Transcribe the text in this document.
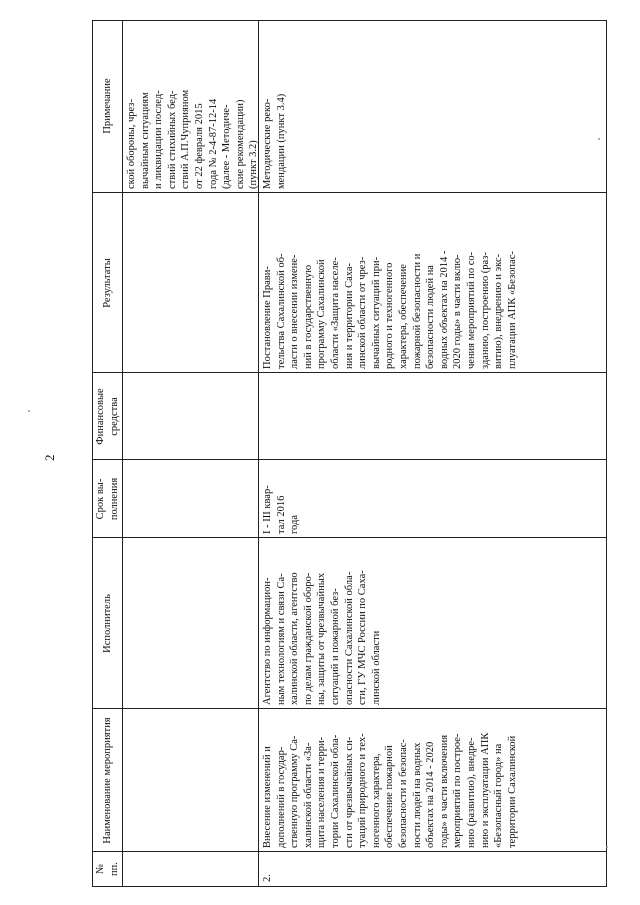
2
№
пп.
Наименование мероприятия
Исполнитель
Срок вы-
полнения
Финансовые
средства
Результаты
Примечание
ской обороны, чрез-
вычайным ситуациям
и ликвидации послед-
ствий стихийных бед-
ствий А.П.Чуприяном
от 22 февраля 2015
года № 2-4-87-12-14
(далее - Методиче-
ские рекомендации)
(пункт 3.2)
2.
Внесение изменений и
дополнений в государ-
ственную программу Са-
халинской области «За-
щита населения и терри-
тории Сахалинской обла-
сти от чрезвычайных си-
туаций природного и тех-
ногенного характера,
обеспечение пожарной
безопасности и безопас-
ности людей на водных
объектах на 2014 - 2020
годы» в части включения
мероприятий по построе-
нию (развитию), внедре-
нию и эксплуатации АПК
«Безопасный город» на
территории Сахалинской
Агентство по информацион-
ным технологиям и связи Са-
халинской области, агентство
по делам гражданской оборо-
ны, защиты от чрезвычайных
ситуаций и пожарной без-
опасности Сахалинской обла-
сти, ГУ МЧС России по Саха-
линской области
I - III квар-
тал 2016
года
Постановление Прави-
тельства Сахалинской об-
ласти о внесении измене-
ний в государственную
программу Сахалинской
области «Защита населе-
ния и территории Саха-
линской области от чрез-
вычайных ситуаций при-
родного и техногенного
характера, обеспечение
пожарной безопасности и
безопасности людей на
водных объектах на 2014 -
2020 годы» в части вклю-
чения мероприятий по со-
зданию, построению (раз-
витию), внедрению и экс-
плуатации АПК «Безопас-
Методические реко-
мендации (пункт 3.4)
